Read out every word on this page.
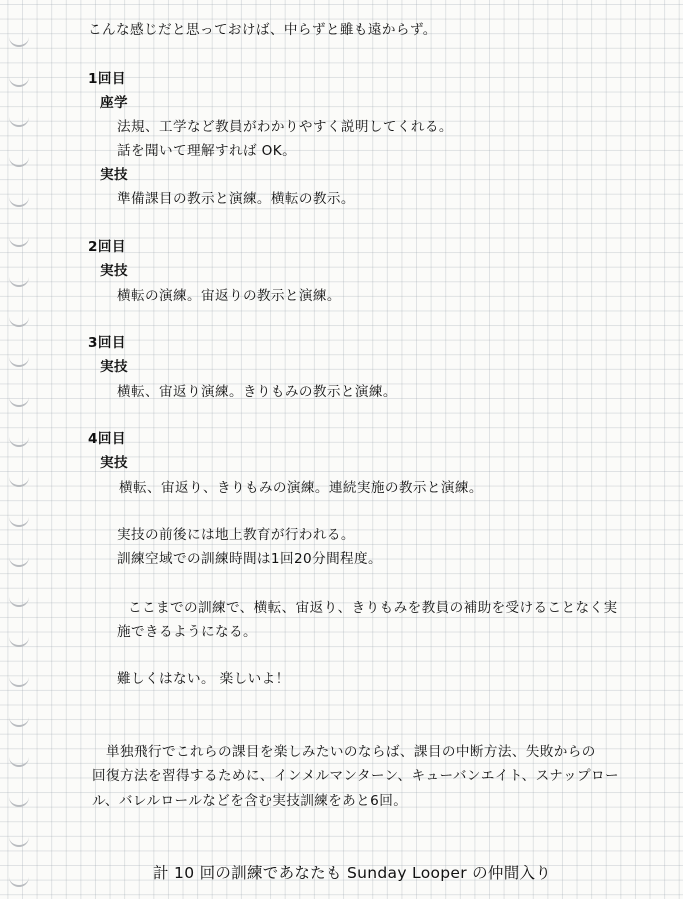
こんな感じだと思っておけば、中らずと雖も遠からず。
1回目
座学
法規、工学など教員がわかりやすく説明してくれる。
話を聞いて理解すれば OK。
実技
準備課目の教示と演練。横転の教示。
2回目
実技
横転の演練。宙返りの教示と演練。
3回目
実技
横転、宙返り演練。きりもみの教示と演練。
4回目
実技
横転、宙返り、きりもみの演練。連続実施の教示と演練。
実技の前後には地上教育が行われる。
訓練空域での訓練時間は1回20分間程度。
ここまでの訓練で、横転、宙返り、きりもみを教員の補助を受けることなく実
施できるようになる。
難しくはない。 楽しいよ！
単独飛行でこれらの課目を楽しみたいのならば、課目の中断方法、失敗からの
回復方法を習得するために、インメルマンターン、キューバンエイト、スナップロー
ル、バレルロールなどを含む実技訓練をあと6回。
計 10 回の訓練であなたも Sunday Looper の仲間入り
